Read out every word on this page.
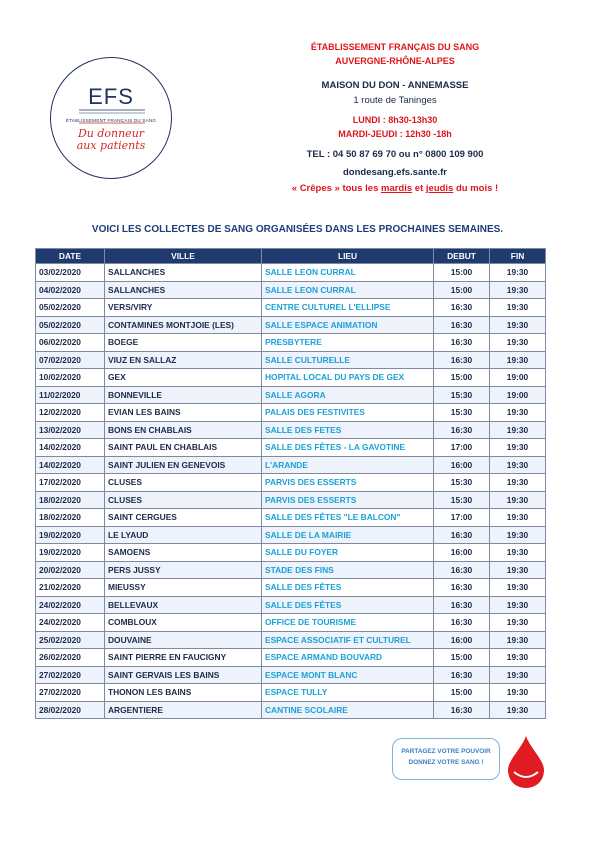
EFS
ÉTABLISSEMENT FRANÇAIS DU SANG
Du donneur
aux patients
ÉTABLISSEMENT FRANÇAIS DU SANG
AUVERGNE-RHÔNE-ALPES
MAISON DU DON - ANNEMASSE
1 route de Taninges
LUNDI : 8h30-13h30
MARDI-JEUDI : 12h30 -18h
TEL : 04 50 87 69 70 ou n° 0800 109 900
dondesang.efs.sante.fr
« Crêpes » tous les mardis et jeudis du mois !
VOICI LES COLLECTES DE SANG ORGANISÉES DANS LES PROCHAINES SEMAINES.
DATE	VILLE	LIEU	DEBUT	FIN
03/02/2020	SALLANCHES	SALLE LEON CURRAL	15:00	19:30
04/02/2020	SALLANCHES	SALLE LEON CURRAL	15:00	19:30
05/02/2020	VERS/VIRY	CENTRE CULTUREL L'ELLIPSE	16:30	19:30
05/02/2020	CONTAMINES MONTJOIE (LES)	SALLE ESPACE ANIMATION	16:30	19:30
06/02/2020	BOEGE	PRESBYTERE	16:30	19:30
07/02/2020	VIUZ EN SALLAZ	SALLE CULTURELLE	16:30	19:30
10/02/2020	GEX	HOPITAL LOCAL DU PAYS DE GEX	15:00	19:00
11/02/2020	BONNEVILLE	SALLE AGORA	15:30	19:00
12/02/2020	EVIAN LES BAINS	PALAIS DES FESTIVITES	15:30	19:30
13/02/2020	BONS EN CHABLAIS	SALLE DES FETES	16:30	19:30
14/02/2020	SAINT PAUL EN CHABLAIS	SALLE DES FÊTES - LA GAVOTINE	17:00	19:30
14/02/2020	SAINT JULIEN EN GENEVOIS	L'ARANDE	16:00	19:30
17/02/2020	CLUSES	PARVIS DES ESSERTS	15:30	19:30
18/02/2020	CLUSES	PARVIS DES ESSERTS	15:30	19:30
18/02/2020	SAINT CERGUES	SALLE DES FÊTES "LE BALCON"	17:00	19:30
19/02/2020	LE LYAUD	SALLE DE LA MAIRIE	16:30	19:30
19/02/2020	SAMOENS	SALLE DU FOYER	16:00	19:30
20/02/2020	PERS JUSSY	STADE DES FINS	16:30	19:30
21/02/2020	MIEUSSY	SALLE DES FÊTES	16:30	19:30
24/02/2020	BELLEVAUX	SALLE DES FÊTES	16:30	19:30
24/02/2020	COMBLOUX	OFFICE DE TOURISME	16:30	19:30
25/02/2020	DOUVAINE	ESPACE ASSOCIATIF ET CULTUREL	16:00	19:30
26/02/2020	SAINT PIERRE EN FAUCIGNY	ESPACE ARMAND BOUVARD	15:00	19:30
27/02/2020	SAINT GERVAIS LES BAINS	ESPACE MONT BLANC	16:30	19:30
27/02/2020	THONON LES BAINS	ESPACE TULLY	15:00	19:30
28/02/2020	ARGENTIERE	CANTINE SCOLAIRE	16:30	19:30
PARTAGEZ VOTRE POUVOIR
DONNEZ VOTRE SANG !
